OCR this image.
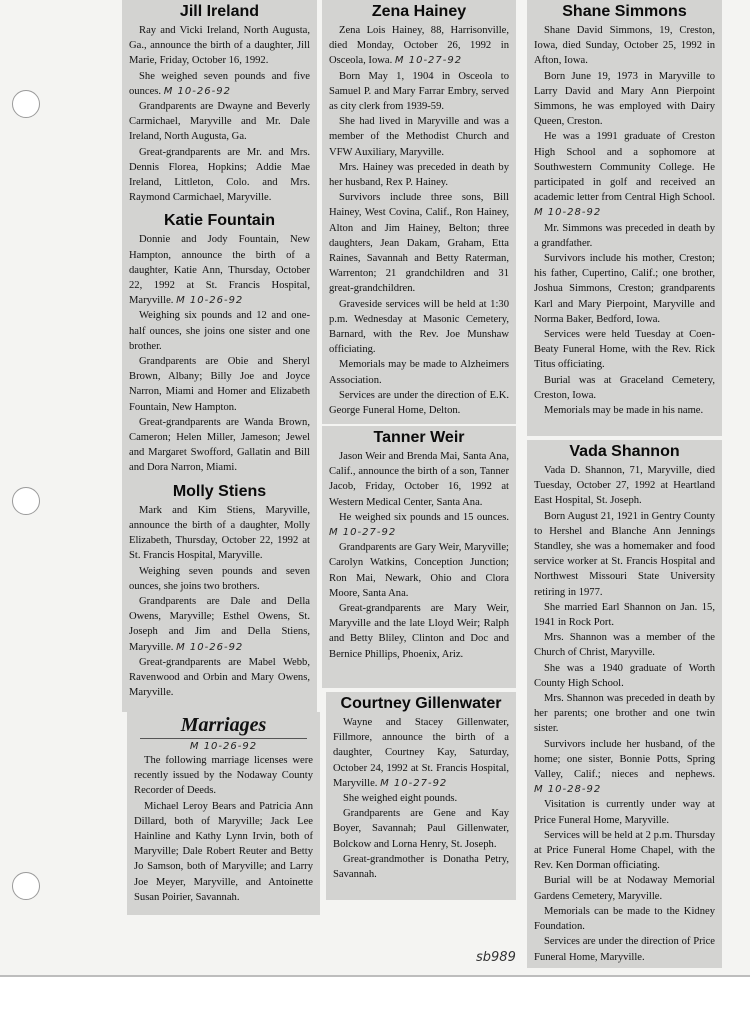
Jill Ireland

Ray and Vicki Ireland, North Augusta, Ga., announce the birth of a daughter, Jill Marie, Friday, October 16, 1992.

She weighed seven pounds and five ounces. M 10-26-92

Grandparents are Dwayne and Beverly Carmichael, Maryville and Mr. Dale Ireland, North Augusta, Ga.

Great-grandparents are Mr. and Mrs. Dennis Florea, Hopkins; Addie Mae Ireland, Littleton, Colo. and Mrs. Raymond Carmichael, Maryville.

Katie Fountain

Donnie and Jody Fountain, New Hampton, announce the birth of a daughter, Katie Ann, Thursday, October 22, 1992 at St. Francis Hospital, Maryville. M 10-26-92

Weighing six pounds and 12 and one-half ounces, she joins one sister and one brother.

Grandparents are Obie and Sheryl Brown, Albany; Billy Joe and Joyce Narron, Miami and Homer and Elizabeth Fountain, New Hampton.

Great-grandparents are Wanda Brown, Cameron; Helen Miller, Jameson; Jewel and Margaret Swofford, Gallatin and Bill and Dora Narron, Miami.

Molly Stiens

Mark and Kim Stiens, Maryville, announce the birth of a daughter, Molly Elizabeth, Thursday, October 22, 1992 at St. Francis Hospital, Maryville.

Weighing seven pounds and seven ounces, she joins two brothers.

Grandparents are Dale and Della Owens, Maryville; Esthel Owens, St. Joseph and Jim and Della Stiens, Maryville. M 10-26-92

Great-grandparents are Mabel Webb, Ravenwood and Orbin and Mary Owens, Maryville.

Marriages
M 10-26-92

The following marriage licenses were recently issued by the Nodaway County Recorder of Deeds.

Michael Leroy Bears and Patricia Ann Dillard, both of Maryville; Jack Lee Hainline and Kathy Lynn Irvin, both of Maryville; Dale Robert Reuter and Betty Jo Samson, both of Maryville; and Larry Joe Meyer, Maryville, and Antoinette Susan Poirier, Savannah.

Zena Hainey

Zena Lois Hainey, 88, Harrisonville, died Monday, October 26, 1992 in Osceola, Iowa. M 10-27-92

Born May 1, 1904 in Osceola to Samuel P. and Mary Farrar Embry, served as city clerk from 1939-59.

She had lived in Maryville and was a member of the Methodist Church and VFW Auxiliary, Maryville.

Mrs. Hainey was preceded in death by her husband, Rex P. Hainey.

Survivors include three sons, Bill Hainey, West Covina, Calif., Ron Hainey, Alton and Jim Hainey, Belton; three daughters, Jean Dakam, Graham, Etta Raines, Savannah and Betty Raterman, Warrenton; 21 grandchildren and 31 great-grandchildren.

Graveside services will be held at 1:30 p.m. Wednesday at Masonic Cemetery, Barnard, with the Rev. Joe Munshaw officiating.

Memorials may be made to Alzheimers Association.

Services are under the direction of E.K. George Funeral Home, Delton.

Tanner Weir

Jason Weir and Brenda Mai, Santa Ana, Calif., announce the birth of a son, Tanner Jacob, Friday, October 16, 1992 at Western Medical Center, Santa Ana.

He weighed six pounds and 15 ounces. M 10-27-92

Grandparents are Gary Weir, Maryville; Carolyn Watkins, Conception Junction; Ron Mai, Newark, Ohio and Clora Moore, Santa Ana.

Great-grandparents are Mary Weir, Maryville and the late Lloyd Weir; Ralph and Betty Bliley, Clinton and Doc and Bernice Phillips, Phoenix, Ariz.

Courtney Gillenwater

Wayne and Stacey Gillenwater, Fillmore, announce the birth of a daughter, Courtney Kay, Saturday, October 24, 1992 at St. Francis Hospital, Maryville. M 10-27-92

She weighed eight pounds.

Grandparents are Gene and Kay Boyer, Savannah; Paul Gillenwater, Bolckow and Lorna Henry, St. Joseph.

Great-grandmother is Donatha Petry, Savannah.

Shane Simmons

Shane David Simmons, 19, Creston, Iowa, died Sunday, October 25, 1992 in Afton, Iowa.

Born June 19, 1973 in Maryville to Larry David and Mary Ann Pierpoint Simmons, he was employed with Dairy Queen, Creston.

He was a 1991 graduate of Creston High School and a sophomore at Southwestern Community College. He participated in golf and received an academic letter from Central High School. M 10-28-92

Mr. Simmons was preceded in death by a grandfather.

Survivors include his mother, Creston; his father, Cupertino, Calif.; one brother, Joshua Simmons, Creston; grandparents Karl and Mary Pierpoint, Maryville and Norma Baker, Bedford, Iowa.

Services were held Tuesday at Coen-Beaty Funeral Home, with the Rev. Rick Titus officiating.

Burial was at Graceland Cemetery, Creston, Iowa.

Memorials may be made in his name.

Vada Shannon

Vada D. Shannon, 71, Maryville, died Tuesday, October 27, 1992 at Heartland East Hospital, St. Joseph.

Born August 21, 1921 in Gentry County to Hershel and Blanche Ann Jennings Standley, she was a homemaker and food service worker at St. Francis Hospital and Northwest Missouri State University retiring in 1977.

She married Earl Shannon on Jan. 15, 1941 in Rock Port.

Mrs. Shannon was a member of the Church of Christ, Maryville.

She was a 1940 graduate of Worth County High School.

Mrs. Shannon was preceded in death by her parents; one brother and one twin sister.

Survivors include her husband, of the home; one sister, Bonnie Potts, Spring Valley, Calif.; nieces and nephews. M 10-28-92

Visitation is currently under way at Price Funeral Home, Maryville.

Services will be held at 2 p.m. Thursday at Price Funeral Home Chapel, with the Rev. Ken Dorman officiating.

Burial will be at Nodaway Memorial Gardens Cemetery, Maryville.

Memorials can be made to the Kidney Foundation.

Services are under the direction of Price Funeral Home, Maryville.

sb989
